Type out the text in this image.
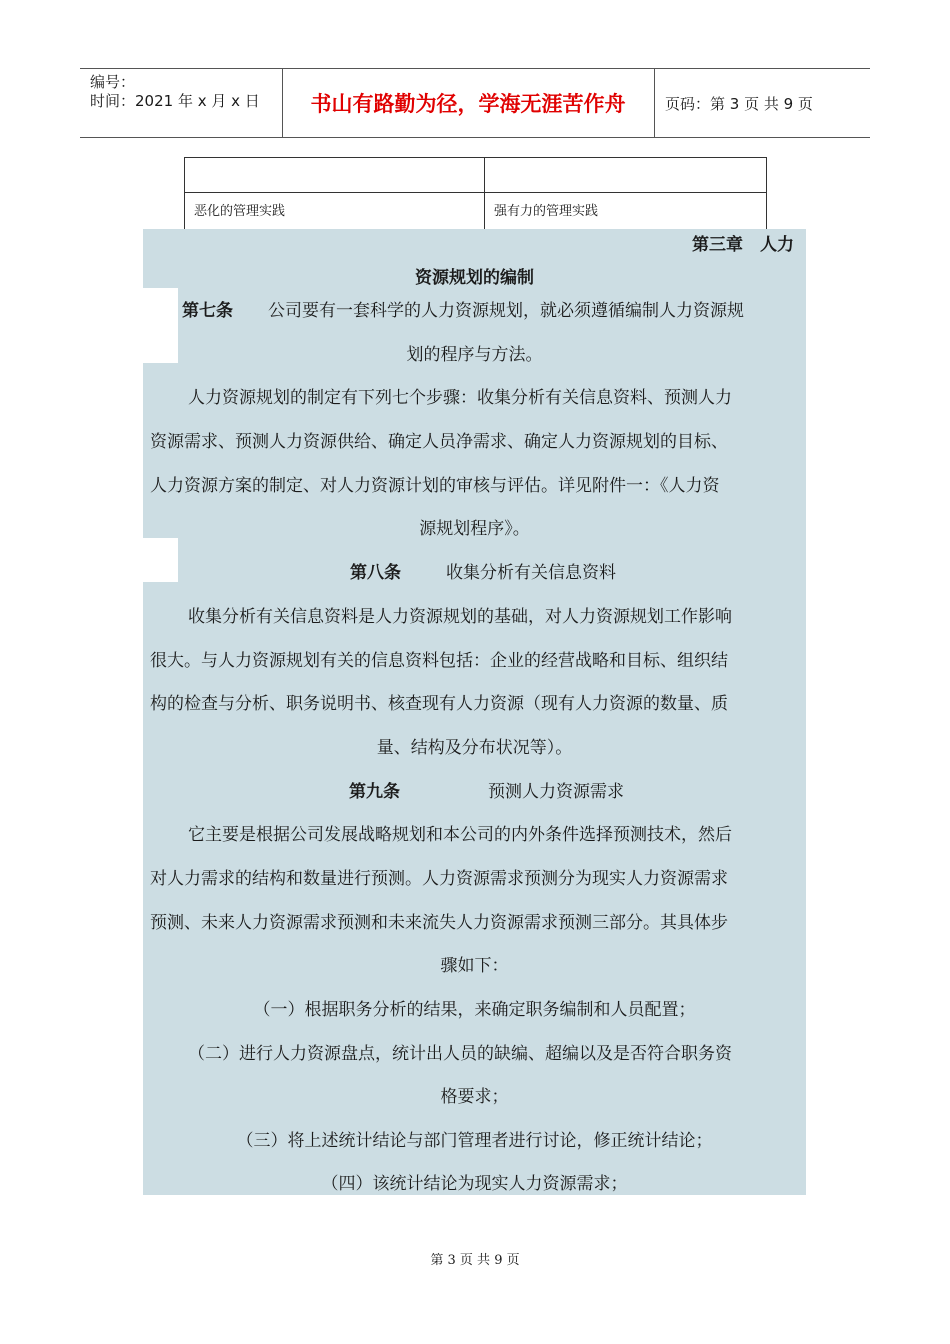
编号：
时间：2021 年 x 月 x 日	书山有路勤为径，学海无涯苦作舟	页码：第 3 页 共 9 页
恶化的管理实践	强有力的管理实践
第三章　人力
资源规划的编制
第七条 公司要有一套科学的人力资源规划，就必须遵循编制人力资源规
划的程序与方法。
人力资源规划的制定有下列七个步骤：收集分析有关信息资料、预测人力
资源需求、预测人力资源供给、确定人员净需求、确定人力资源规划的目标、
人力资源方案的制定、对人力资源计划的审核与评估。详见附件一：《人力资
源规划程序》。
第八条	收集分析有关信息资料
收集分析有关信息资料是人力资源规划的基础，对人力资源规划工作影响
很大。与人力资源规划有关的信息资料包括：企业的经营战略和目标、组织结
构的检查与分析、职务说明书、核查现有人力资源（现有人力资源的数量、质
量、结构及分布状况等）。
第九条	预测人力资源需求
它主要是根据公司发展战略规划和本公司的内外条件选择预测技术，然后
对人力需求的结构和数量进行预测。人力资源需求预测分为现实人力资源需求
预测、未来人力资源需求预测和未来流失人力资源需求预测三部分。其具体步
骤如下：
（一）根据职务分析的结果，来确定职务编制和人员配置；
（二）进行人力资源盘点，统计出人员的缺编、超编以及是否符合职务资
格要求；
（三）将上述统计结论与部门管理者进行讨论，修正统计结论；
（四）该统计结论为现实人力资源需求；
第 3 页 共 9 页
